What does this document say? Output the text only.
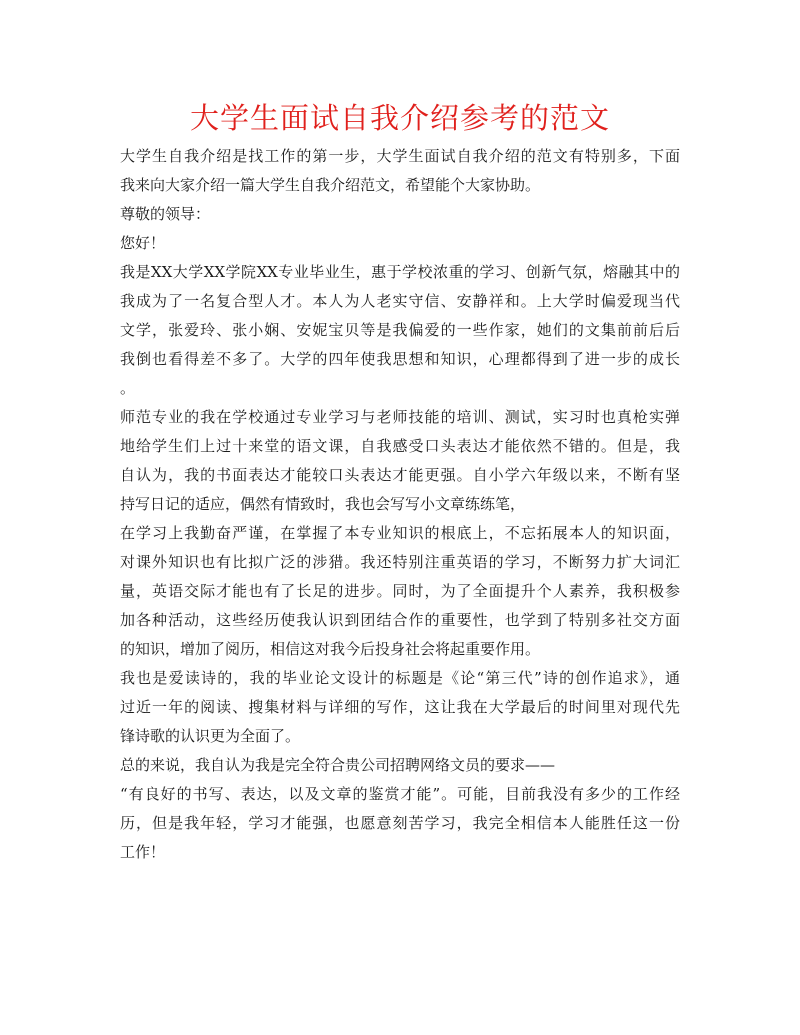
大学生面试自我介绍参考的范文
大学生自我介绍是找工作的第一步，大学生面试自我介绍的范文有特别多，下面
我来向大家介绍一篇大学生自我介绍范文，希望能个大家协助。
尊敬的领导：
您好！
我是XX大学XX学院XX专业毕业生，惠于学校浓重的学习、创新气氛，熔融其中的
我成为了一名复合型人才。本人为人老实守信、安静祥和。上大学时偏爱现当代
文学，张爱玲、张小娴、安妮宝贝等是我偏爱的一些作家，她们的文集前前后后
我倒也看得差不多了。大学的四年使我思想和知识，心理都得到了进一步的成长
。
师范专业的我在学校通过专业学习与老师技能的培训、测试，实习时也真枪实弹
地给学生们上过十来堂的语文课，自我感受口头表达才能依然不错的。但是，我
自认为，我的书面表达才能较口头表达才能更强。自小学六年级以来，不断有坚
持写日记的适应，偶然有情致时，我也会写写小文章练练笔，
在学习上我勤奋严谨，在掌握了本专业知识的根底上，不忘拓展本人的知识面，
对课外知识也有比拟广泛的涉猎。我还特别注重英语的学习，不断努力扩大词汇
量，英语交际才能也有了长足的进步。同时，为了全面提升个人素养，我积极参
加各种活动，这些经历使我认识到团结合作的重要性，也学到了特别多社交方面
的知识，增加了阅历，相信这对我今后投身社会将起重要作用。
我也是爱读诗的，我的毕业论文设计的标题是《论“第三代”诗的创作追求》，通
过近一年的阅读、搜集材料与详细的写作，这让我在大学最后的时间里对现代先
锋诗歌的认识更为全面了。
总的来说，我自认为我是完全符合贵公司招聘网络文员的要求——
“有良好的书写、表达，以及文章的鉴赏才能”。可能，目前我没有多少的工作经
历，但是我年轻，学习才能强，也愿意刻苦学习，我完全相信本人能胜任这一份
工作！
